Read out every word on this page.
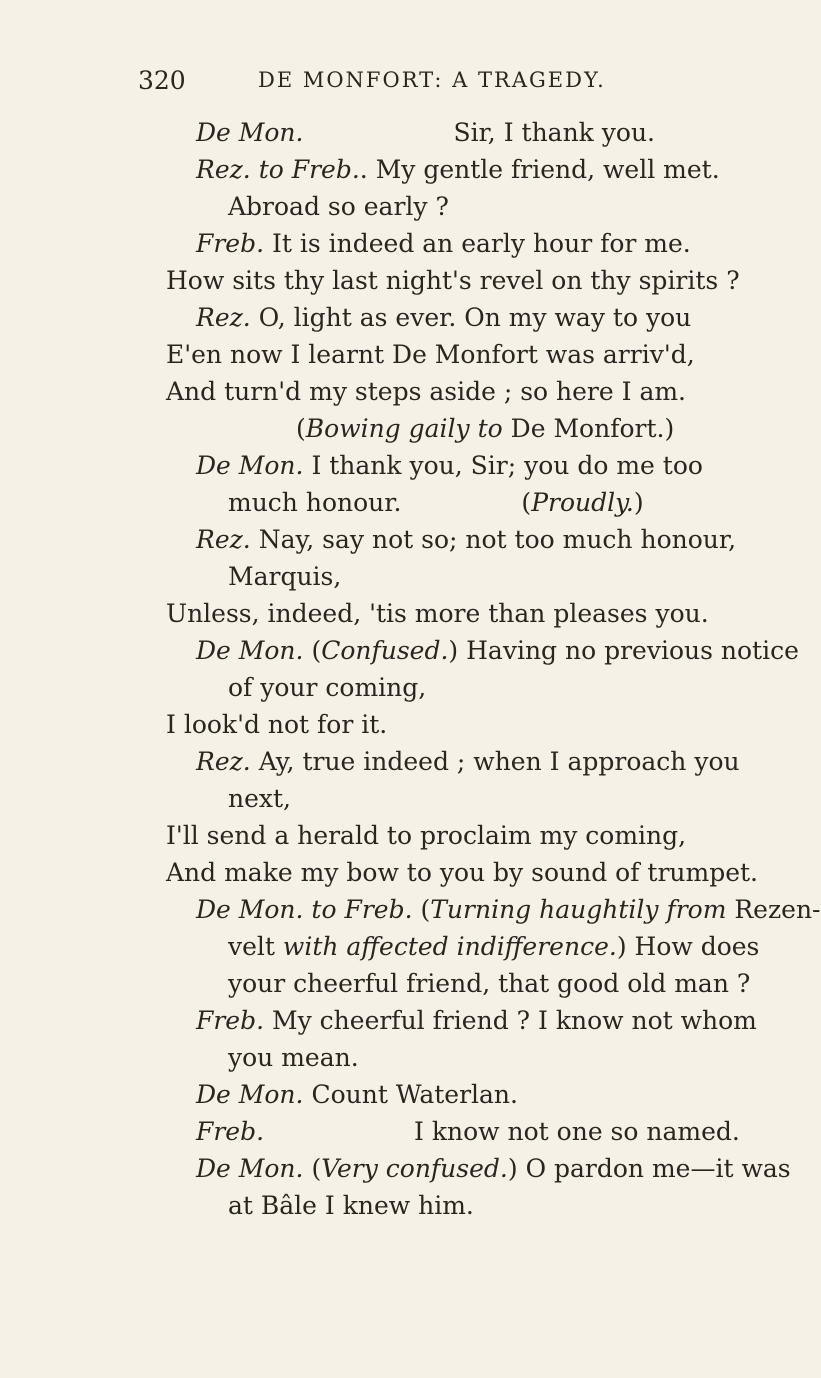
320	DE MONFORT: A TRAGEDY.
De Mon.	Sir, I thank you.
Rez. to Freb.. My gentle friend, well met.
Abroad so early ?
Freb. It is indeed an early hour for me.
How sits thy last night's revel on thy spirits ?
Rez. O, light as ever. On my way to you
E'en now I learnt De Monfort was arriv'd,
And turn'd my steps aside ; so here I am.
(Bowing gaily to De Monfort.)
De Mon. I thank you, Sir; you do me too
much honour.	(Proudly.)
Rez. Nay, say not so; not too much honour,
Marquis,
Unless, indeed, 'tis more than pleases you.
De Mon. (Confused.) Having no previous notice
of your coming,
I look'd not for it.
Rez. Ay, true indeed ; when I approach you
next,
I'll send a herald to proclaim my coming,
And make my bow to you by sound of trumpet.
De Mon. to Freb. (Turning haughtily from Rezen-
velt with affected indifference.) How does
your cheerful friend, that good old man ?
Freb. My cheerful friend ? I know not whom
you mean.
De Mon. Count Waterlan.
Freb.	I know not one so named.
De Mon. (Very confused.) O pardon me—it was
at Bâle I knew him.
